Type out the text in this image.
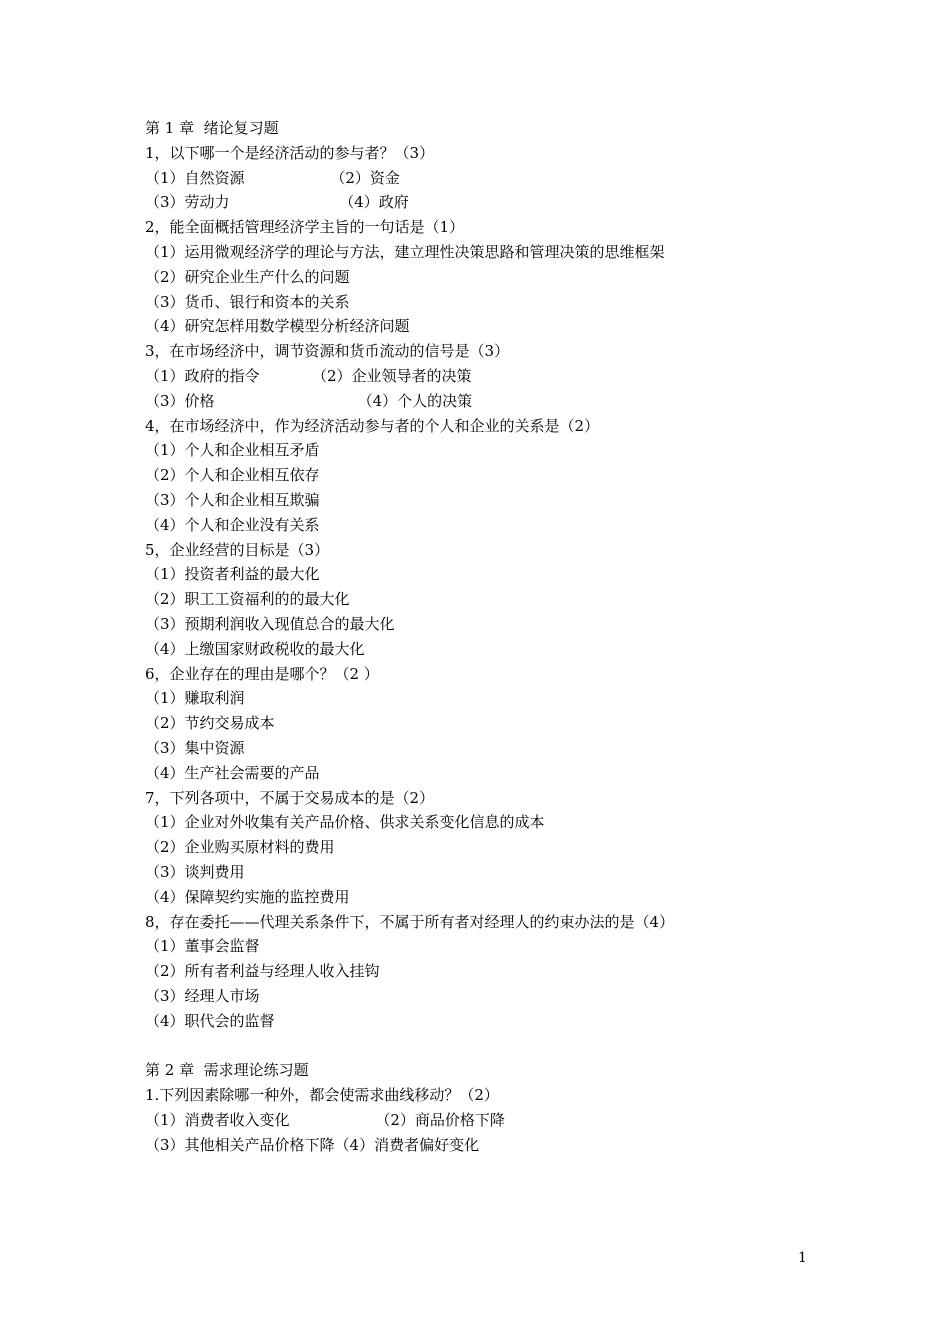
第 1 章  绪论复习题
1，以下哪一个是经济活动的参与者？（3）
（1）自然资源                  （2）资金
（3）劳动力                       （4）政府
2，能全面概括管理经济学主旨的一句话是（1）
（1）运用微观经济学的理论与方法，建立理性决策思路和管理决策的思维框架
（2）研究企业生产什么的问题
（3）货币、银行和资本的关系
（4）研究怎样用数学模型分析经济问题
3，在市场经济中，调节资源和货币流动的信号是（3）
（1）政府的指令           （2）企业领导者的决策
（3）价格                              （4）个人的决策
4，在市场经济中，作为经济活动参与者的个人和企业的关系是（2）
（1）个人和企业相互矛盾
（2）个人和企业相互依存
（3）个人和企业相互欺骗
（4）个人和企业没有关系
5，企业经营的目标是（3）
（1）投资者利益的最大化
（2）职工工资福利的的最大化
（3）预期利润收入现值总合的最大化
（4）上缴国家财政税收的最大化
6，企业存在的理由是哪个？（2 ）
（1）赚取利润
（2）节约交易成本
（3）集中资源
（4）生产社会需要的产品
7，下列各项中，不属于交易成本的是（2）
（1）企业对外收集有关产品价格、供求关系变化信息的成本
（2）企业购买原材料的费用
（3）谈判费用
（4）保障契约实施的监控费用
8，存在委托——代理关系条件下，不属于所有者对经理人的约束办法的是（4）
（1）董事会监督
（2）所有者利益与经理人收入挂钩
（3）经理人市场
（4）职代会的监督
第 2 章  需求理论练习题
1.下列因素除哪一种外，都会使需求曲线移动？（2）
（1）消费者收入变化                  （2）商品价格下降
（3）其他相关产品价格下降（4）消费者偏好变化
1
